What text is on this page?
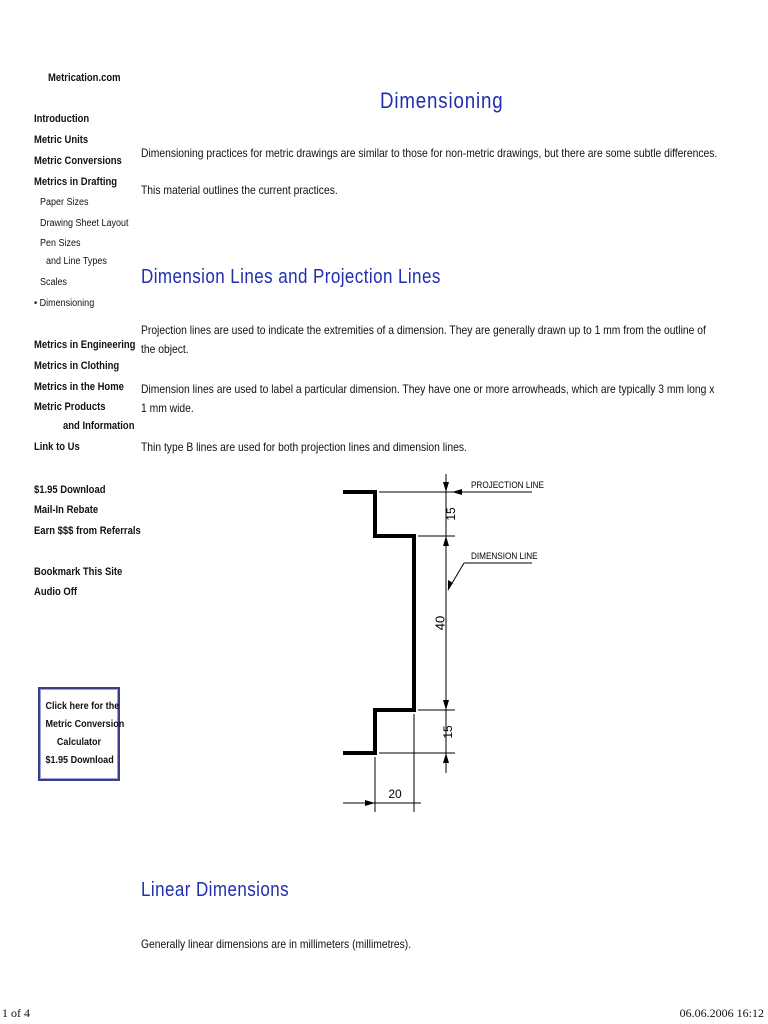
Metrication.com
Introduction
Metric Units
Metric Conversions
Metrics in Drafting
Paper Sizes
Drawing Sheet Layout
Pen Sizes
and Line Types
Scales
• Dimensioning
Metrics in Engineering
Metrics in Clothing
Metrics in the Home
Metric Products
and Information
Link to Us
$1.95 Download
Mail-In Rebate
Earn $$$ from Referrals
Bookmark This Site
Audio Off
Click here for the
Metric Conversion
Calculator
$1.95 Download
Dimensioning
Dimensioning practices for metric drawings are similar to those for non-metric drawings, but there are some subtle differences.
This material outlines the current practices.
Dimension Lines and Projection Lines
Projection lines are used to indicate the extremities of a dimension. They are generally drawn up to 1 mm from the outline of
the object.
Dimension lines are used to label a particular dimension. They have one or more arrowheads, which are typically 3 mm long x
1 mm wide.
Thin type B lines are used for both projection lines and dimension lines.
15
40
15
20
PROJECTION LINE
DIMENSION LINE
Linear Dimensions
Generally linear dimensions are in millimeters (millimetres).
1 of 4	06.06.2006 16:12
